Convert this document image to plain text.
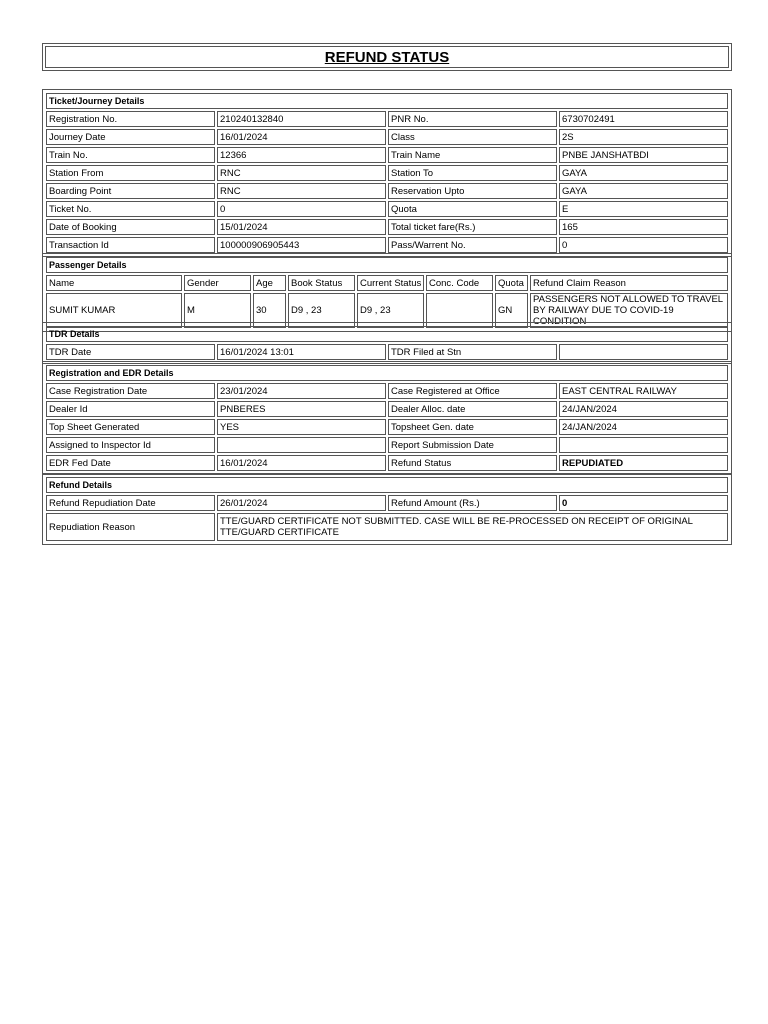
REFUND STATUS
Ticket/Journey Details			
Registration No.	210240132840	PNR No.	6730702491
Journey Date	16/01/2024	Class	2S
Train No.	12366	Train Name	PNBE JANSHATBDI
Station From	RNC	Station To	GAYA
Boarding Point	RNC	Reservation Upto	GAYA
Ticket No.	0	Quota	E
Date of Booking	15/01/2024	Total ticket fare(Rs.)	165
Transaction Id	100000906905443	Pass/Warrent No.	0
Passenger Details							
Name	Gender	Age	Book Status	Current Status	Conc. Code	Quota	Refund Claim Reason
SUMIT KUMAR	M	30	D9 , 23	D9 , 23		GN	PASSENGERS NOT ALLOWED TO TRAVEL BY RAILWAY DUE TO COVID-19 CONDITION
TDR Details
TDR Date	16/01/2024 13:01	TDR Filed at Stn	
Registration and EDR Details			
Case Registration Date	23/01/2024	Case Registered at Office	EAST CENTRAL RAILWAY
Dealer Id	PNBERES	Dealer Alloc. date	24/JAN/2024
Top Sheet Generated	YES	Topsheet Gen. date	24/JAN/2024
Assigned to Inspector Id		Report Submission Date	
EDR Fed Date	16/01/2024	Refund Status	REPUDIATED
Refund Details			
Refund Repudiation Date	26/01/2024	Refund Amount (Rs.)	0
Repudiation Reason	TTE/GUARD CERTIFICATE NOT SUBMITTED. CASE WILL BE RE-PROCESSED ON RECEIPT OF ORIGINAL TTE/GUARD CERTIFICATE		
